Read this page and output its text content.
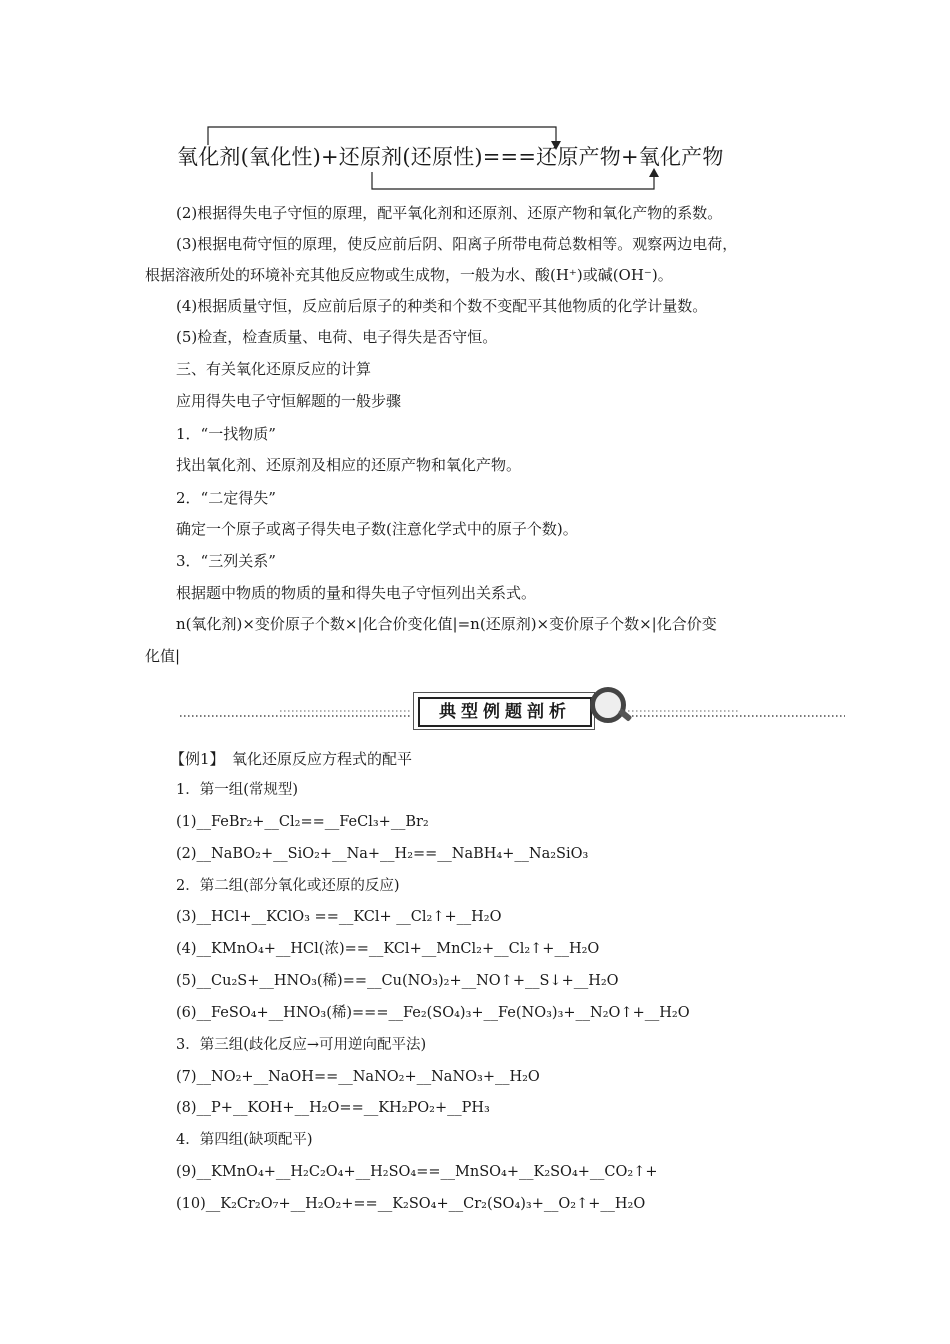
氧化剂(氧化性)+还原剂(还原性)===还原产物+氧化产物
(2)根据得失电子守恒的原理，配平氧化剂和还原剂、还原产物和氧化产物的系数。
(3)根据电荷守恒的原理，使反应前后阴、阳离子所带电荷总数相等。观察两边电荷，
根据溶液所处的环境补充其他反应物或生成物，一般为水、酸(H⁺)或碱(OH⁻)。
(4)根据质量守恒，反应前后原子的种类和个数不变配平其他物质的化学计量数。
(5)检查，检查质量、电荷、电子得失是否守恒。
三、有关氧化还原反应的计算
应用得失电子守恒解题的一般步骤
1．“一找物质”
找出氧化剂、还原剂及相应的还原产物和氧化产物。
2．“二定得失”
确定一个原子或离子得失电子数(注意化学式中的原子个数)。
3．“三列关系”
根据题中物质的物质的量和得失电子守恒列出关系式。
n(氧化剂)×变价原子个数×|化合价变化值|=n(还原剂)×变价原子个数×|化合价变
化值|
典型例题剖析
【例1】　氧化还原反应方程式的配平
1．第一组(常规型)
(1)__FeBr₂+__Cl₂==__FeCl₃+__Br₂
(2)__NaBO₂+__SiO₂+__Na+__H₂==__NaBH₄+__Na₂SiO₃
2．第二组(部分氧化或还原的反应)
(3)__HCl+__KClO₃ ==__KCl+ __Cl₂↑+__H₂O
(4)__KMnO₄+__HCl(浓)==__KCl+__MnCl₂+__Cl₂↑+__H₂O
(5)__Cu₂S+__HNO₃(稀)==__Cu(NO₃)₂+__NO↑+__S↓+__H₂O
(6)__FeSO₄+__HNO₃(稀)===__Fe₂(SO₄)₃+__Fe(NO₃)₃+__N₂O↑+__H₂O
3．第三组(歧化反应→可用逆向配平法)
(7)__NO₂+__NaOH==__NaNO₂+__NaNO₃+__H₂O
(8)__P+__KOH+__H₂O==__KH₂PO₂+__PH₃
4．第四组(缺项配平)
(9)__KMnO₄+__H₂C₂O₄+__H₂SO₄==__MnSO₄+__K₂SO₄+__CO₂↑+
(10)__K₂Cr₂O₇+__H₂O₂+==__K₂SO₄+__Cr₂(SO₄)₃+__O₂↑+__H₂O
